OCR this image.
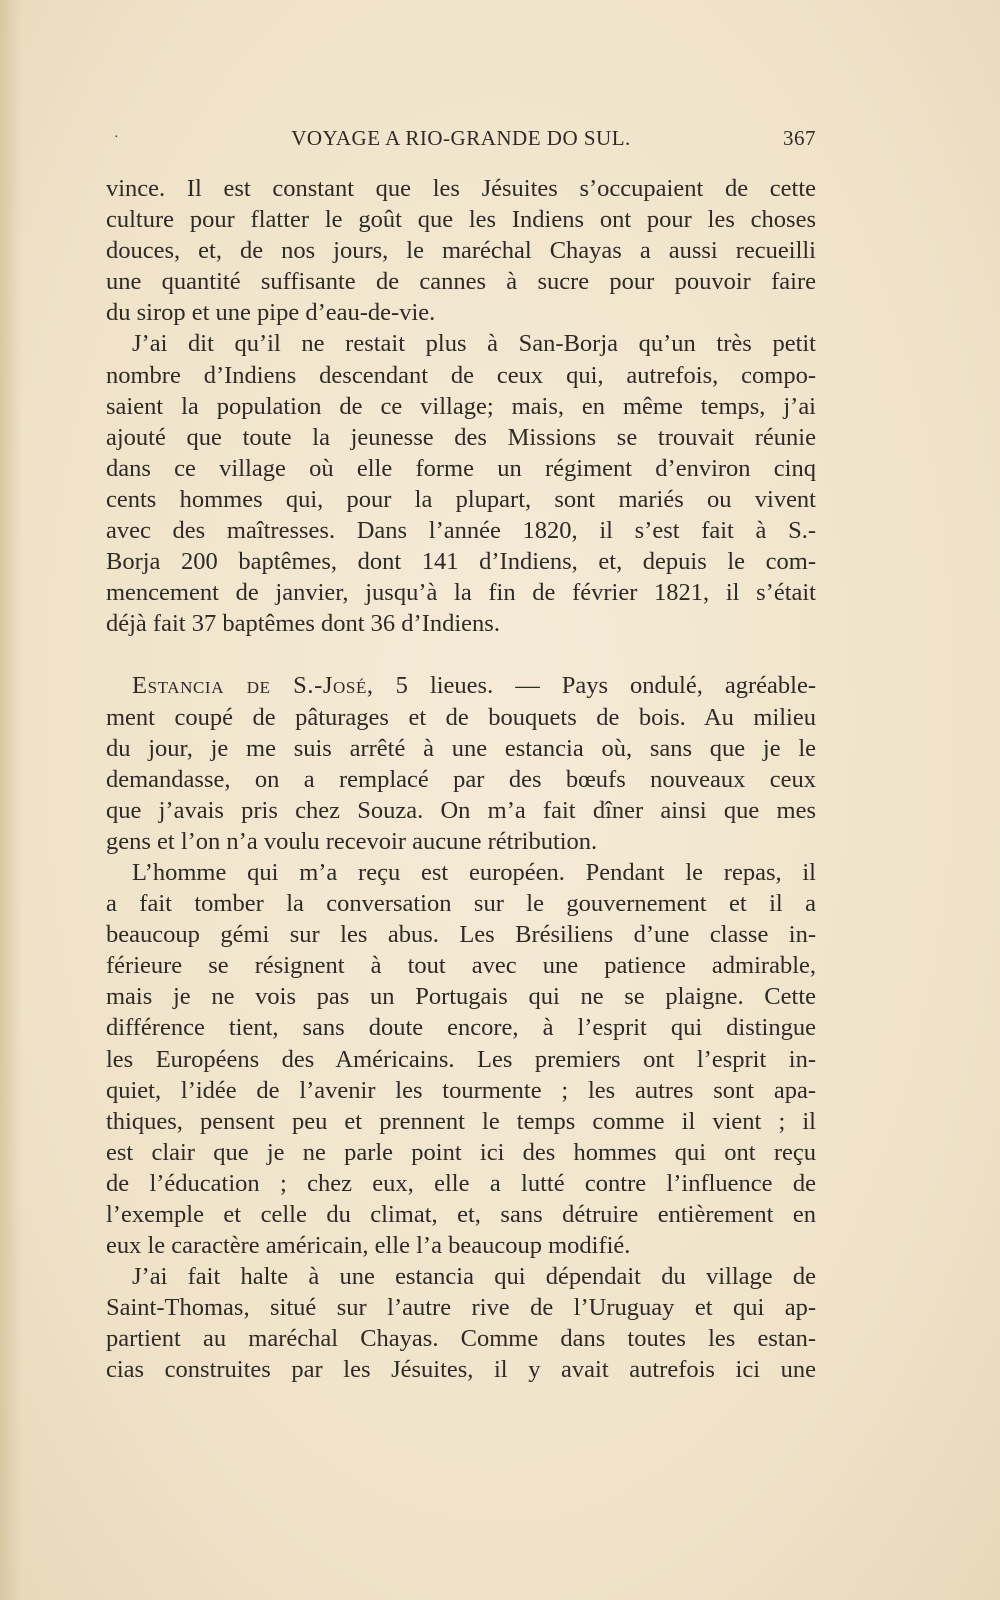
·	VOYAGE A RIO-GRANDE DO SUL.	367

vince. Il est constant que les Jésuites s’occupaient de cette

culture pour flatter le goût que les Indiens ont pour les choses

douces, et, de nos jours, le maréchal Chayas a aussi recueilli

une quantité suffisante de cannes à sucre pour pouvoir faire

du sirop et une pipe d’eau-de-vie.

J’ai dit qu’il ne restait plus à San-Borja qu’un très petit

nombre d’Indiens descendant de ceux qui, autrefois, compo-

saient la population de ce village; mais, en même temps, j’ai

ajouté que toute la jeunesse des Missions se trouvait réunie

dans ce village où elle forme un régiment d’environ cinq

cents hommes qui, pour la plupart, sont mariés ou vivent

avec des maîtresses. Dans l’année 1820, il s’est fait à S.-

Borja 200 baptêmes, dont 141 d’Indiens, et, depuis le com-

mencement de janvier, jusqu’à la fin de février 1821, il s’était

déjà fait 37 baptêmes dont 36 d’Indiens.

Estancia de S.-José, 5 lieues. — Pays ondulé, agréable-

ment coupé de pâturages et de bouquets de bois. Au milieu

du jour, je me suis arrêté à une estancia où, sans que je le

demandasse, on a remplacé par des bœufs nouveaux ceux

que j’avais pris chez Souza. On m’a fait dîner ainsi que mes

gens et l’on n’a voulu recevoir aucune rétribution.

L’homme qui m’a reçu est européen. Pendant le repas, il

a fait tomber la conversation sur le gouvernement et il a

beaucoup gémi sur les abus. Les Brésiliens d’une classe in-

férieure se résignent à tout avec une patience admirable,

mais je ne vois pas un Portugais qui ne se plaigne. Cette

différence tient, sans doute encore, à l’esprit qui distingue

les Européens des Américains. Les premiers ont l’esprit in-

quiet, l’idée de l’avenir les tourmente ; les autres sont apa-

thiques, pensent peu et prennent le temps comme il vient ; il

est clair que je ne parle point ici des hommes qui ont reçu

de l’éducation ; chez eux, elle a lutté contre l’influence de

l’exemple et celle du climat, et, sans détruire entièrement en

eux le caractère américain, elle l’a beaucoup modifié.

J’ai fait halte à une estancia qui dépendait du village de

Saint-Thomas, situé sur l’autre rive de l’Uruguay et qui ap-

partient au maréchal Chayas. Comme dans toutes les estan-

cias construites par les Jésuites, il y avait autrefois ici une
